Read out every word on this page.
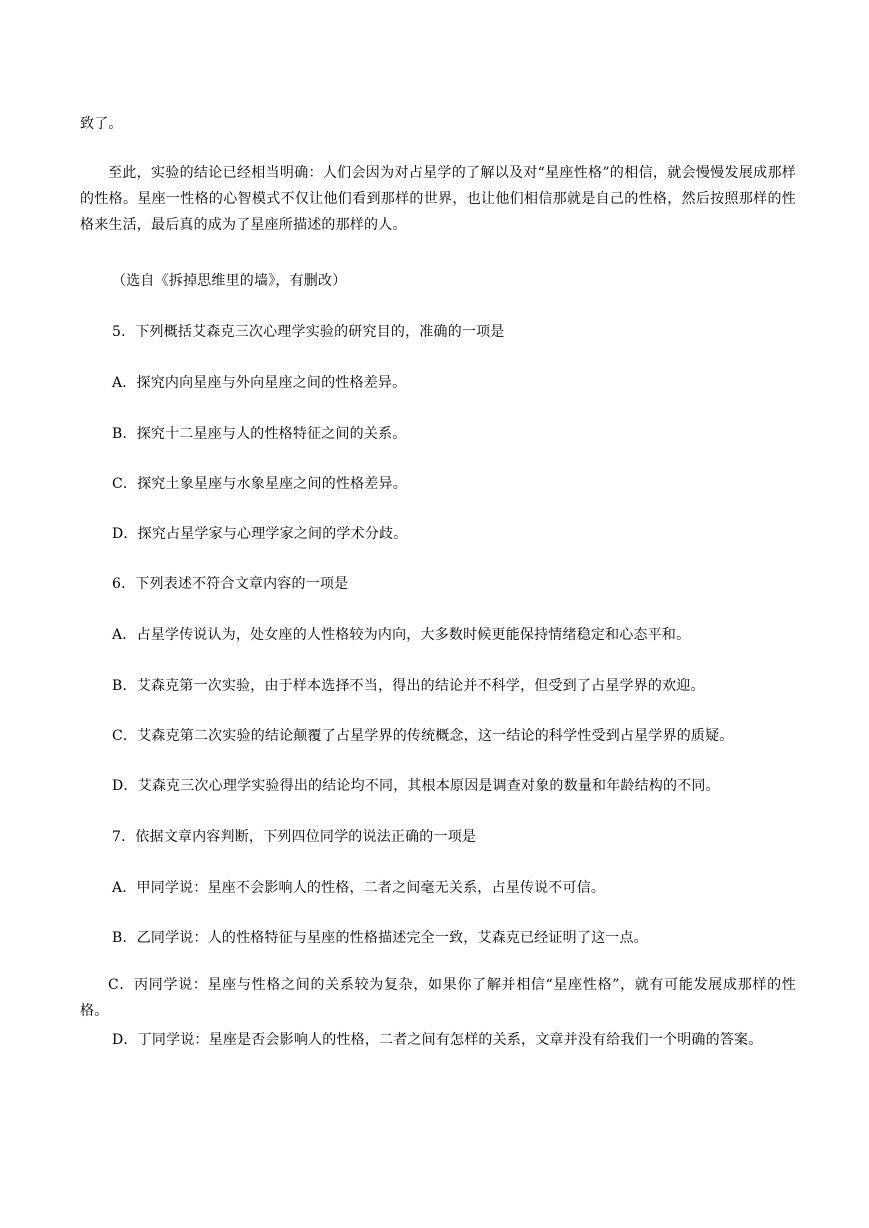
致了。
至此，实验的结论已经相当明确：人们会因为对占星学的了解以及对“星座性格”的相信，就会慢慢发展成那样的性格。星座一性格的心智模式不仅让他们看到那样的世界，也让他们相信那就是自己的性格，然后按照那样的性格来生活，最后真的成为了星座所描述的那样的人。
（选自《拆掉思维里的墙》，有删改）
5．下列概括艾森克三次心理学实验的研究目的，准确的一项是
A．探究内向星座与外向星座之间的性格差异。
B．探究十二星座与人的性格特征之间的关系。
C．探究土象星座与水象星座之间的性格差异。
D．探究占星学家与心理学家之间的学术分歧。
6．下列表述不符合文章内容的一项是
A．占星学传说认为，处女座的人性格较为内向，大多数时候更能保持情绪稳定和心态平和。
B．艾森克第一次实验，由于样本选择不当，得出的结论并不科学，但受到了占星学界的欢迎。
C．艾森克第二次实验的结论颠覆了占星学界的传统概念，这一结论的科学性受到占星学界的质疑。
D．艾森克三次心理学实验得出的结论均不同，其根本原因是调查对象的数量和年龄结构的不同。
7．依据文章内容判断，下列四位同学的说法正确的一项是
A．甲同学说：星座不会影响人的性格，二者之间毫无关系，占星传说不可信。
B．乙同学说：人的性格特征与星座的性格描述完全一致，艾森克已经证明了这一点。
C．丙同学说：星座与性格之间的关系较为复杂，如果你了解并相信“星座性格”，就有可能发展成那样的性格。
D．丁同学说：星座是否会影响人的性格，二者之间有怎样的关系，文章并没有给我们一个明确的答案。
